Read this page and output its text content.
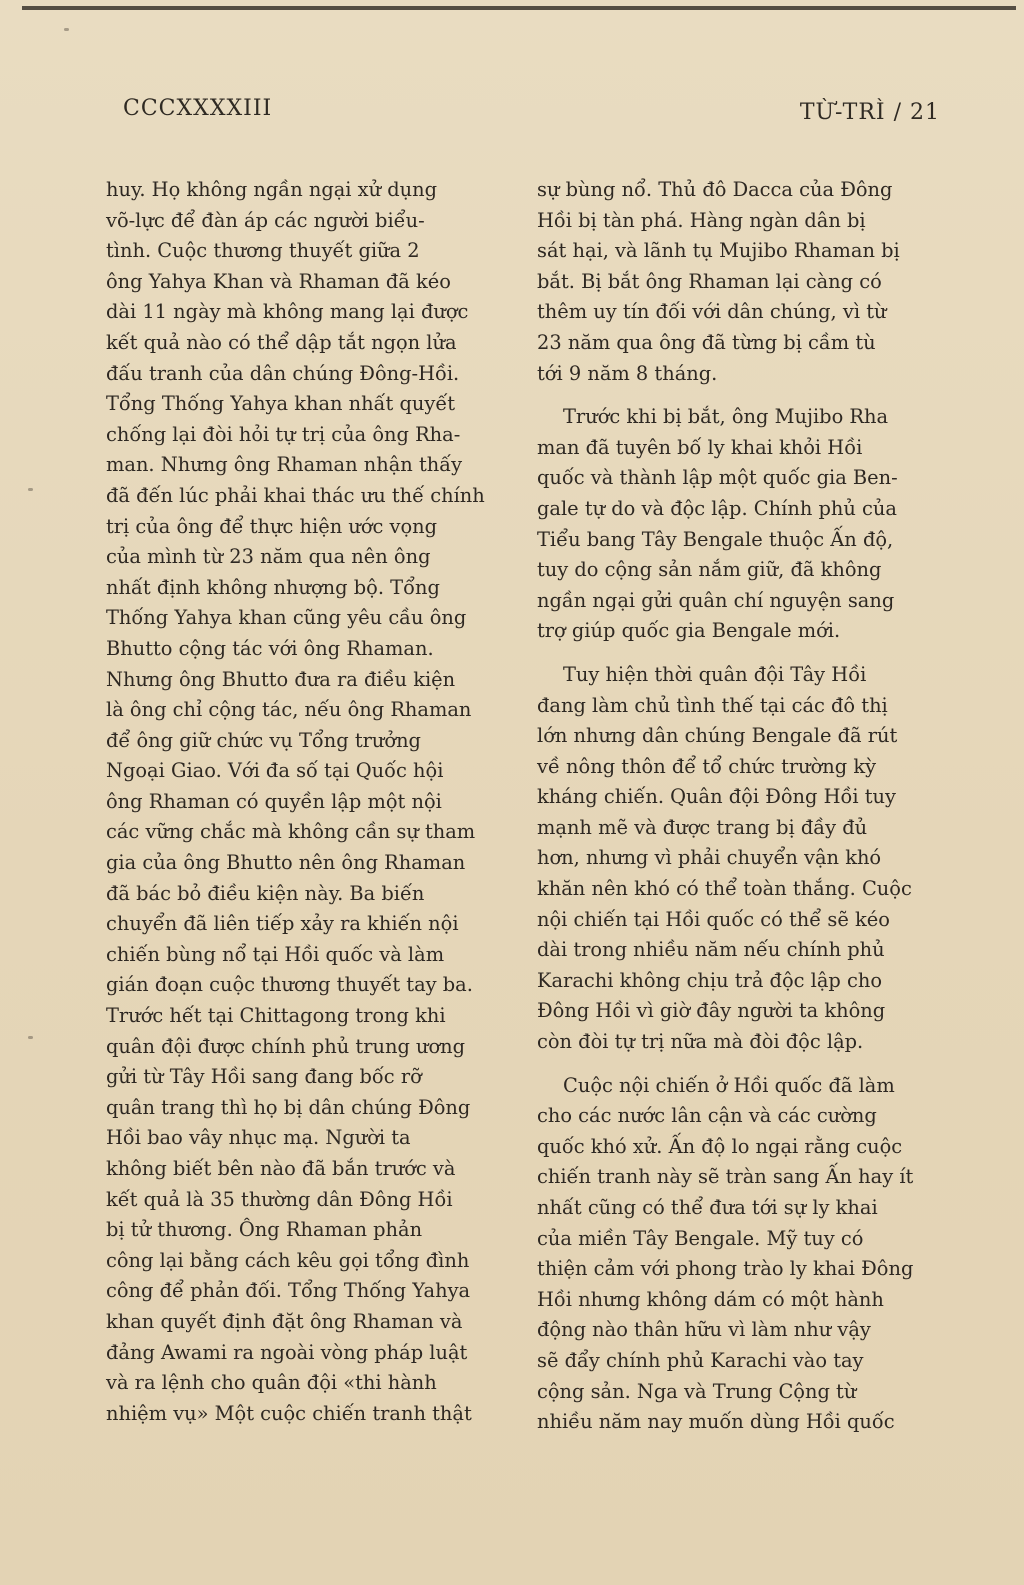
CCCXXXXIII	TỪ-TRÌ / 21

huy. Họ không ngần ngại xử dụng

võ-lực để đàn áp các người biểu-

tình. Cuộc thương thuyết giữa 2

ông Yahya Khan và Rhaman đã kéo

dài 11 ngày mà không mang lại được

kết quả nào có thể dập tắt ngọn lửa

đấu tranh của dân chúng Đông-Hồi.

Tổng Thống Yahya khan nhất quyết

chống lại đòi hỏi tự trị của ông Rha-

man. Nhưng ông Rhaman nhận thấy

đã đến lúc phải khai thác ưu thế chính

trị của ông để thực hiện ước vọng

của mình từ 23 năm qua nên ông

nhất định không nhượng bộ. Tổng

Thống Yahya khan cũng yêu cầu ông

Bhutto cộng tác với ông Rhaman.

Nhưng ông Bhutto đưa ra điều kiện

là ông chỉ cộng tác, nếu ông Rhaman

để ông giữ chức vụ Tổng trưởng

Ngoại Giao. Với đa số tại Quốc hội

ông Rhaman có quyền lập một nội

các vững chắc mà không cần sự tham

gia của ông Bhutto nên ông Rhaman

đã bác bỏ điều kiện này. Ba biến

chuyển đã liên tiếp xảy ra khiến nội

chiến bùng nổ tại Hồi quốc và làm

gián đoạn cuộc thương thuyết tay ba.

Trước hết tại Chittagong trong khi

quân đội được chính phủ trung ương

gửi từ Tây Hồi sang đang bốc rỡ

quân trang thì họ bị dân chúng Đông

Hồi bao vây nhục mạ. Người ta

không biết bên nào đã bắn trước và

kết quả là 35 thường dân Đông Hồi

bị tử thương. Ông Rhaman phản

công lại bằng cách kêu gọi tổng đình

công để phản đối. Tổng Thống Yahya

khan quyết định đặt ông Rhaman và

đảng Awami ra ngoài vòng pháp luật

và ra lệnh cho quân đội «thi hành

nhiệm vụ» Một cuộc chiến tranh thật

sự bùng nổ. Thủ đô Dacca của Đông

Hồi bị tàn phá. Hàng ngàn dân bị

sát hại, và lãnh tụ Mujibo Rhaman bị

bắt. Bị bắt ông Rhaman lại càng có

thêm uy tín đối với dân chúng, vì từ

23 năm qua ông đã từng bị cầm tù

tới 9 năm 8 tháng.

Trước khi bị bắt, ông Mujibo Rha

man đã tuyên bố ly khai khỏi Hồi

quốc và thành lập một quốc gia Ben-

gale tự do và độc lập. Chính phủ của

Tiểu bang Tây Bengale thuộc Ấn độ,

tuy do cộng sản nắm giữ, đã không

ngần ngại gửi quân chí nguyện sang

trợ giúp quốc gia Bengale mới.

Tuy hiện thời quân đội Tây Hồi

đang làm chủ tình thế tại các đô thị

lớn nhưng dân chúng Bengale đã rút

về nông thôn để tổ chức trường kỳ

kháng chiến. Quân đội Đông Hồi tuy

mạnh mẽ và được trang bị đầy đủ

hơn, nhưng vì phải chuyển vận khó

khăn nên khó có thể toàn thắng. Cuộc

nội chiến tại Hồi quốc có thể sẽ kéo

dài trong nhiều năm nếu chính phủ

Karachi không chịu trả độc lập cho

Đông Hồi vì giờ đây người ta không

còn đòi tự trị nữa mà đòi độc lập.

Cuộc nội chiến ở Hồi quốc đã làm

cho các nước lân cận và các cường

quốc khó xử. Ấn độ lo ngại rằng cuộc

chiến tranh này sẽ tràn sang Ấn hay ít

nhất cũng có thể đưa tới sự ly khai

của miền Tây Bengale. Mỹ tuy có

thiện cảm với phong trào ly khai Đông

Hồi nhưng không dám có một hành

động nào thân hữu vì làm như vậy

sẽ đẩy chính phủ Karachi vào tay

cộng sản. Nga và Trung Cộng từ

nhiều năm nay muốn dùng Hồi quốc
